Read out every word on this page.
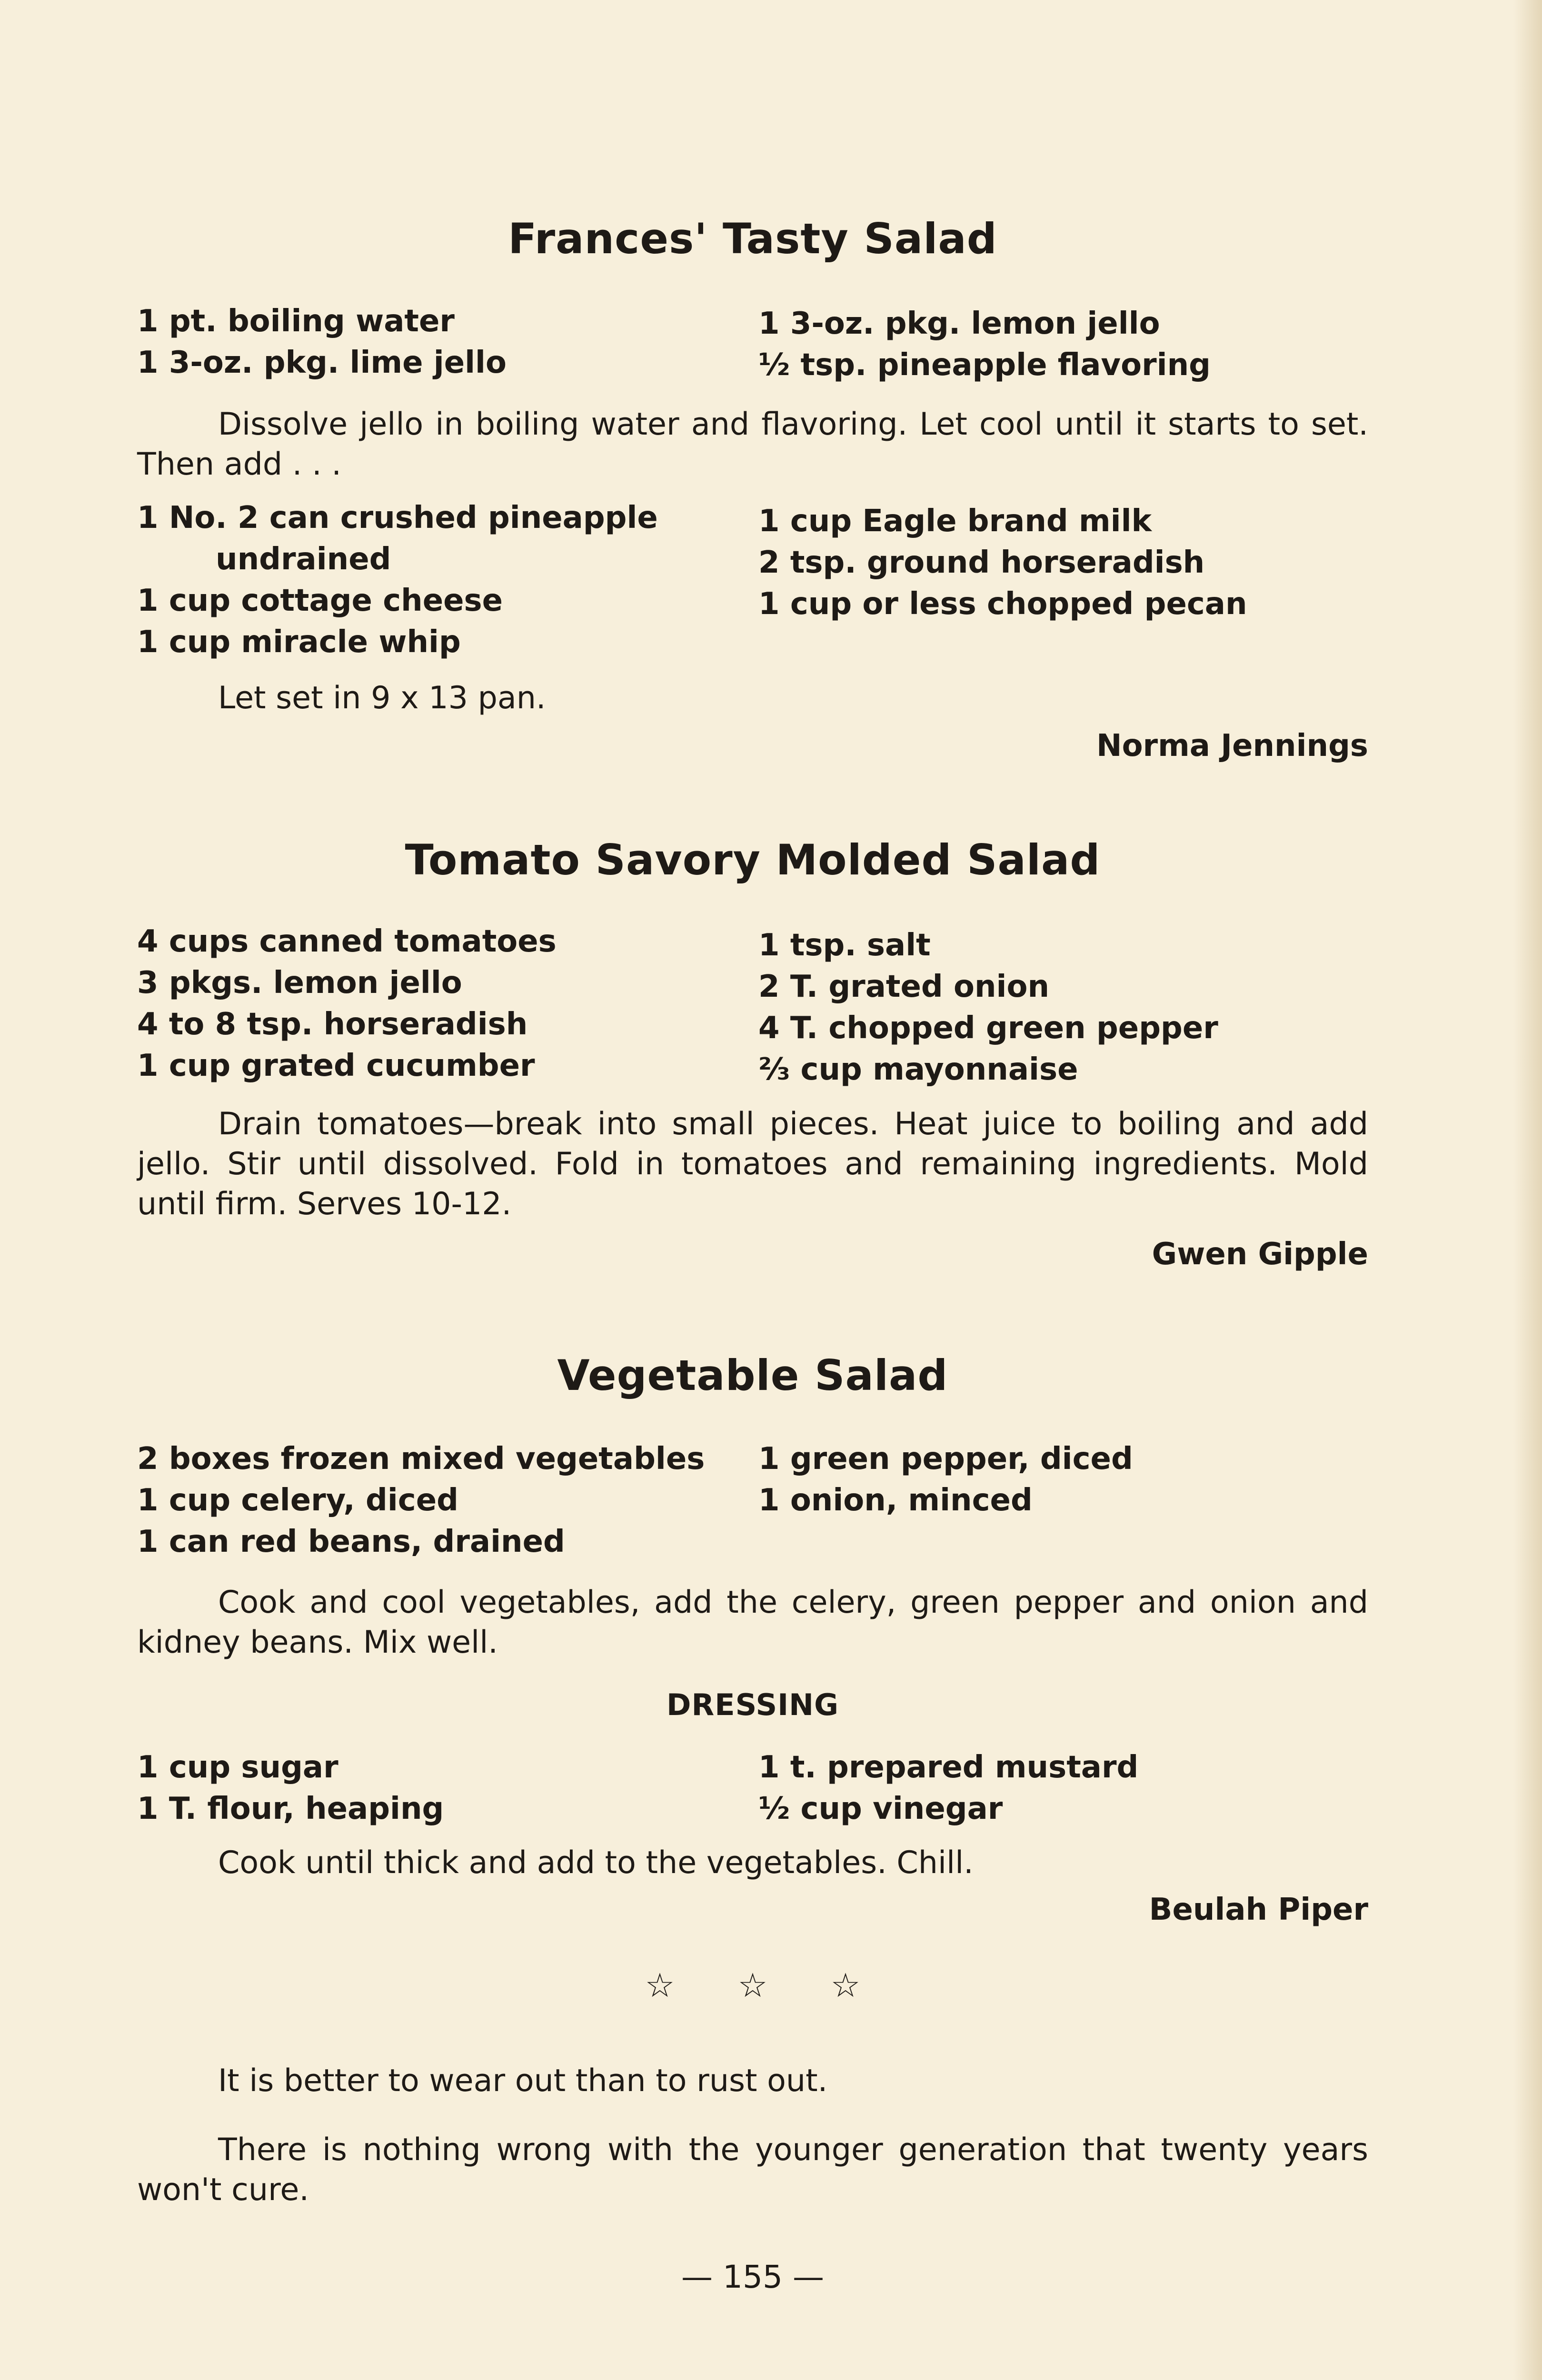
Frances' Tasty Salad
1 pt. boiling water
1 3-oz. pkg. lime jello
1 3-oz. pkg. lemon jello
½ tsp. pineapple flavoring
Dissolve jello in boiling water and flavoring. Let cool until it starts to set. Then add . . .
1 No. 2 can crushed pineapple
undrained
1 cup cottage cheese
1 cup miracle whip
1 cup Eagle brand milk
2 tsp. ground horseradish
1 cup or less chopped pecan
Let set in 9 x 13 pan.
Norma Jennings
Tomato Savory Molded Salad
4 cups canned tomatoes
3 pkgs. lemon jello
4 to 8 tsp. horseradish
1 cup grated cucumber
1 tsp. salt
2 T. grated onion
4 T. chopped green pepper
⅔ cup mayonnaise
Drain tomatoes—break into small pieces. Heat juice to boiling and add jello. Stir until dissolved. Fold in tomatoes and remaining ingredients. Mold until firm. Serves 10-12.
Gwen Gipple
Vegetable Salad
2 boxes frozen mixed vegetables
1 cup celery, diced
1 can red beans, drained
1 green pepper, diced
1 onion, minced
Cook and cool vegetables, add the celery, green pepper and onion and kidney beans. Mix well.
DRESSING
1 cup sugar
1 T. flour, heaping
1 t. prepared mustard
½ cup vinegar
Cook until thick and add to the vegetables. Chill.
Beulah Piper
☆ ☆ ☆
It is better to wear out than to rust out.
There is nothing wrong with the younger generation that twenty years won't cure.
— 155 —
